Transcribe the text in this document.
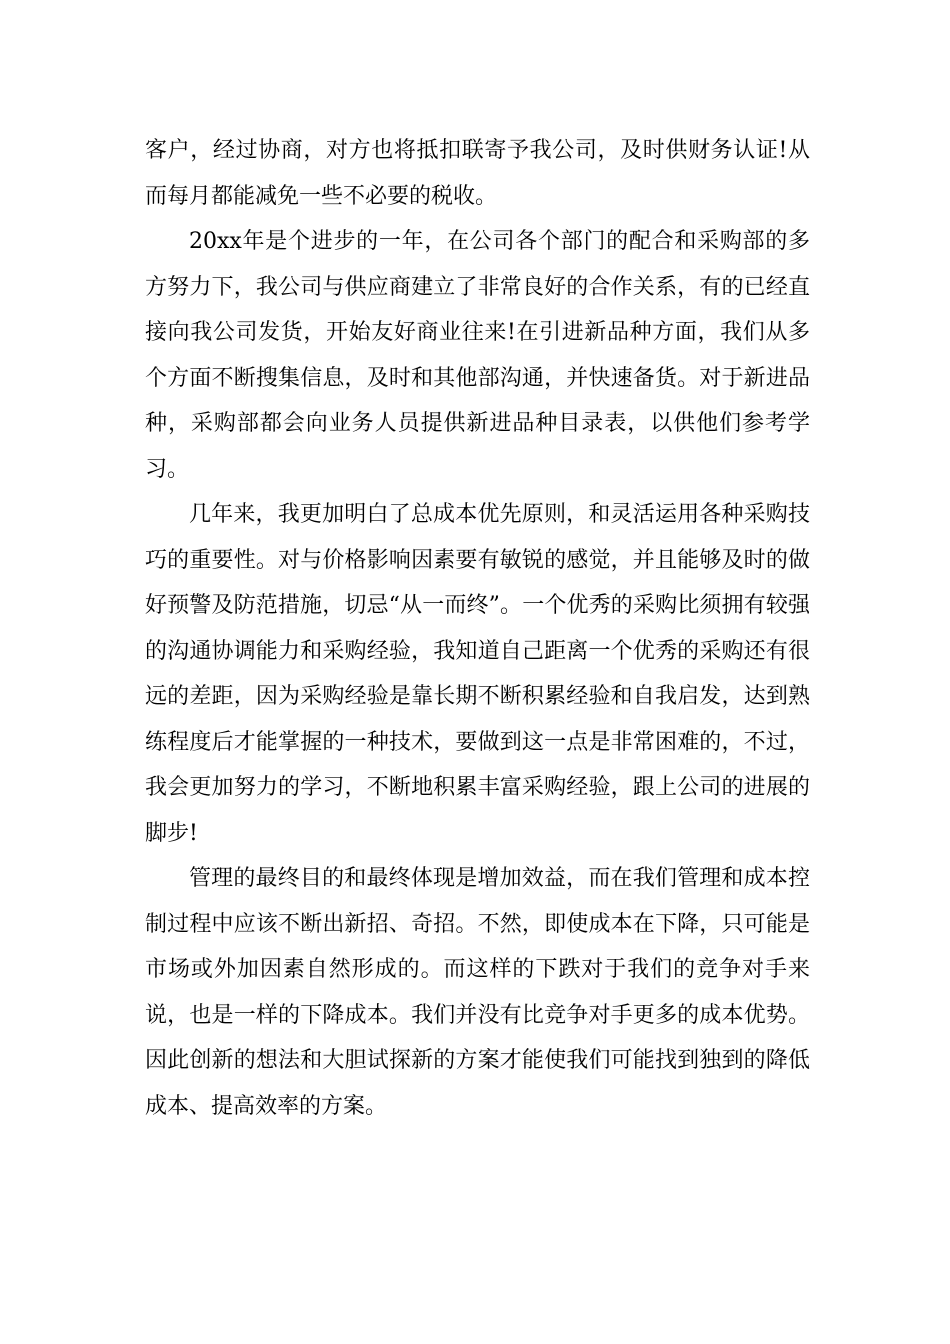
客户，经过协商，对方也将抵扣联寄予我公司，及时供财务认证!从而每月都能减免一些不必要的税收。

20xx年是个进步的一年，在公司各个部门的配合和采购部的多方努力下，我公司与供应商建立了非常良好的合作关系，有的已经直接向我公司发货，开始友好商业往来!在引进新品种方面，我们从多个方面不断搜集信息，及时和其他部沟通，并快速备货。对于新进品种，采购部都会向业务人员提供新进品种目录表，以供他们参考学习。

几年来，我更加明白了总成本优先原则，和灵活运用各种采购技巧的重要性。对与价格影响因素要有敏锐的感觉，并且能够及时的做好预警及防范措施，切忌“从一而终”。一个优秀的采购比须拥有较强的沟通协调能力和采购经验，我知道自己距离一个优秀的采购还有很远的差距，因为采购经验是靠长期不断积累经验和自我启发，达到熟练程度后才能掌握的一种技术，要做到这一点是非常困难的，不过，我会更加努力的学习，不断地积累丰富采购经验，跟上公司的进展的脚步!

管理的最终目的和最终体现是增加效益，而在我们管理和成本控制过程中应该不断出新招、奇招。不然，即使成本在下降，只可能是市场或外加因素自然形成的。而这样的下跌对于我们的竞争对手来说，也是一样的下降成本。我们并没有比竞争对手更多的成本优势。因此创新的想法和大胆试探新的方案才能使我们可能找到独到的降低成本、提高效率的方案。
